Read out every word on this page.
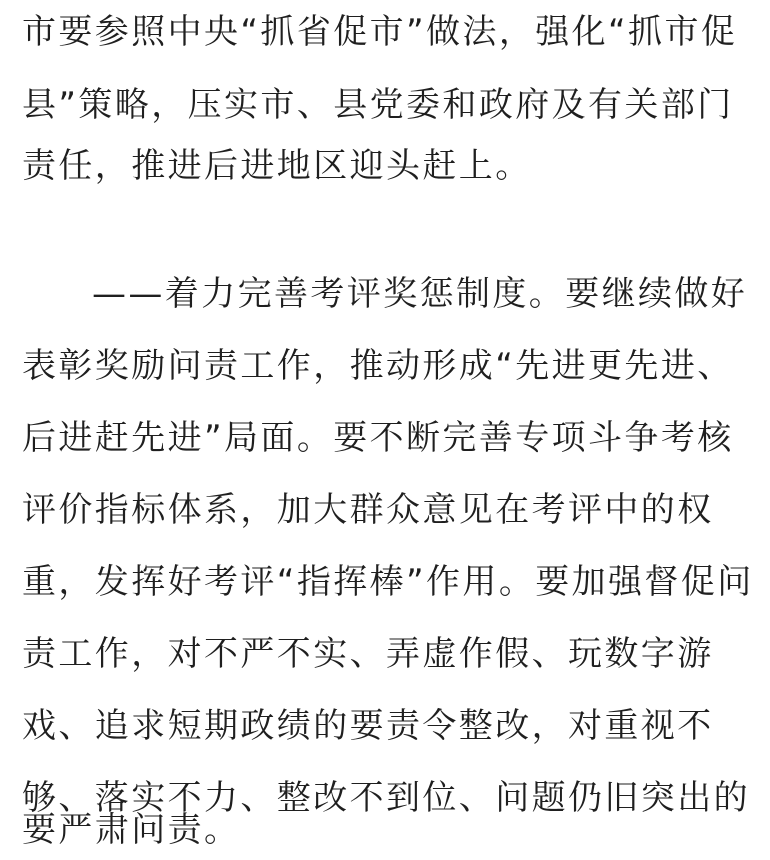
市要参照中央“抓省促市”做法，强化“抓市促
县”策略，压实市、县党委和政府及有关部门
责任，推进后进地区迎头赶上。
——着力完善考评奖惩制度。要继续做好
表彰奖励问责工作，推动形成“先进更先进、
后进赶先进”局面。要不断完善专项斗争考核
评价指标体系，加大群众意见在考评中的权
重，发挥好考评“指挥棒”作用。要加强督促问
责工作，对不严不实、弄虚作假、玩数字游
戏、追求短期政绩的要责令整改，对重视不
够、落实不力、整改不到位、问题仍旧突出的
要严肃问责。
